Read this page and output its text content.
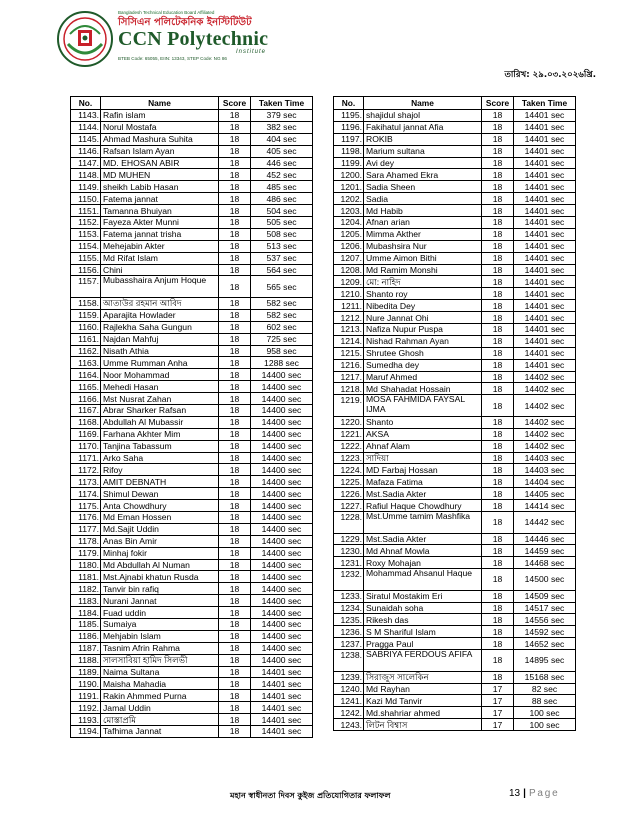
Bangladesh Technical Education Board Affiliated
সিসিএন পলিটেকনিক ইনস্টিটিউট
CCN Polytechnic
Institute
BTEB Code: 65055, EIIN: 13343, STEP Code: NG 86
তারিখ: ২৯.০৩.২০২৬খ্রি.
No.	Name	Score	Taken Time
1143.	Rafin islam	18	379 sec
1144.	Norul Mostafa	18	382 sec
1145.	Ahmad Mashura Suhita	18	404 sec
1146.	Rafsan Islam Ayan	18	405 sec
1147.	MD. EHOSAN ABIR	18	446 sec
1148.	MD MUHEN	18	452 sec
1149.	sheikh Labib Hasan	18	485 sec
1150.	Fatema jannat	18	486 sec
1151.	Tamanna Bhuiyan	18	504 sec
1152.	Fayeza Akter Munni	18	505 sec
1153.	Fatema jannat trisha	18	508 sec
1154.	Mehejabin Akter	18	513 sec
1155.	Md Rifat Islam	18	537 sec
1156.	Chini	18	564 sec
1157.	Mubasshaira Anjum Hoque	18	565 sec
1158.	আতাউর রহমান আবিদ	18	582 sec
1159.	Aparajita Howlader	18	582 sec
1160.	Rajlekha Saha Gungun	18	602 sec
1161.	Najdan Mahfuj	18	725 sec
1162.	Nisath Athia	18	958 sec
1163.	Umme Rumman Anha	18	1288 sec
1164.	Noor Mohammad	18	14400 sec
1165.	Mehedi Hasan	18	14400 sec
1166.	Mst Nusrat Zahan	18	14400 sec
1167.	Abrar Sharker Rafsan	18	14400 sec
1168.	Abdullah Al Mubassir	18	14400 sec
1169.	Farhana Akhter Mim	18	14400 sec
1170.	Tanjina Tabassum	18	14400 sec
1171.	Arko Saha	18	14400 sec
1172.	Rifoy	18	14400 sec
1173.	AMIT DEBNATH	18	14400 sec
1174.	Shimul Dewan	18	14400 sec
1175.	Anta Chowdhury	18	14400 sec
1176.	Md Eman Hossen	18	14400 sec
1177.	Md.Sajit Uddin	18	14400 sec
1178.	Anas Bin Amir	18	14400 sec
1179.	Minhaj fokir	18	14400 sec
1180.	Md Abdullah Al Numan	18	14400 sec
1181.	Mst.Ajnabi khatun Rusda	18	14400 sec
1182.	Tanvir bin rafiq	18	14400 sec
1183.	Nurani Jannat	18	14400 sec
1184.	Fuad uddin	18	14400 sec
1185.	Sumaiya	18	14400 sec
1186.	Mehjabin Islam	18	14400 sec
1187.	Tasnim Afrin Rahma	18	14400 sec
1188.	সালসাবিয়া হামিদ সিলভী	18	14400 sec
1189.	Naima Sultana	18	14401 sec
1190.	Maisha Mahadia	18	14401 sec
1191.	Rakin Ahmmed Purna	18	14401 sec
1192.	Jamal Uddin	18	14401 sec
1193.	মোস্তাপ্রমি	18	14401 sec
1194.	Tafhima Jannat	18	14401 sec
No.	Name	Score	Taken Time
1195.	shajidul shajol	18	14401 sec
1196.	Fakihatul jannat Afia	18	14401 sec
1197.	ROKIB	18	14401 sec
1198.	Marium sultana	18	14401 sec
1199.	Avi dey	18	14401 sec
1200.	Sara Ahamed Ekra	18	14401 sec
1201.	Sadia Sheen	18	14401 sec
1202.	Sadia	18	14401 sec
1203.	Md Habib	18	14401 sec
1204.	Afnan arian	18	14401 sec
1205.	Mimma Akther	18	14401 sec
1206.	Mubashsira Nur	18	14401 sec
1207.	Umme Aimon Bithi	18	14401 sec
1208.	Md Ramim Monshi	18	14401 sec
1209.	মো: নাহিদ	18	14401 sec
1210.	Shanto roy	18	14401 sec
1211.	Nibedita Dey	18	14401 sec
1212.	Nure Jannat Ohi	18	14401 sec
1213.	Nafiza Nupur Puspa	18	14401 sec
1214.	Nishad Rahman Ayan	18	14401 sec
1215.	Shrutee Ghosh	18	14401 sec
1216.	Sumedha dey	18	14401 sec
1217.	Maruf Ahmed	18	14402 sec
1218.	Md Shahadat Hossain	18	14402 sec
1219.	MOSA FAHMIDA FAYSAL IJMA	18	14402 sec
1220.	Shanto	18	14402 sec
1221.	AKSA	18	14402 sec
1222.	Ahnaf Alam	18	14402 sec
1223.	সাদিয়া	18	14403 sec
1224.	MD Farbaj Hossan	18	14403 sec
1225.	Mafaza Fatima	18	14404 sec
1226.	Mst.Sadia Akter	18	14405 sec
1227.	Rafiul Haque Chowdhury	18	14414 sec
1228.	Mst.Umme tamim Mashfika	18	14442 sec
1229.	Mst.Sadia Akter	18	14446 sec
1230.	Md Ahnaf Mowla	18	14459 sec
1231.	Roxy Mohajan	18	14468 sec
1232.	Mohammad Ahsanul Haque	18	14500 sec
1233.	Siratul Mostakim Eri	18	14509 sec
1234.	Sunaidah soha	18	14517 sec
1235.	Rikesh das	18	14556 sec
1236.	S M Shariful Islam	18	14592 sec
1237.	Pragga Paul	18	14652 sec
1238.	SABRIYA FERDOUS AFIFA	18	14895 sec
1239.	সিরাজুস সালেকিন	18	15168 sec
1240.	Md Rayhan	17	82 sec
1241.	Kazi Md Tanvir	17	88 sec
1242.	Md.shahriar ahmed	17	100 sec
1243.	লিটন বিশ্বাস	17	100 sec
মহান স্বাধীনতা দিবস কুইজ প্রতিযোগিতার ফলাফল	13 | Page
